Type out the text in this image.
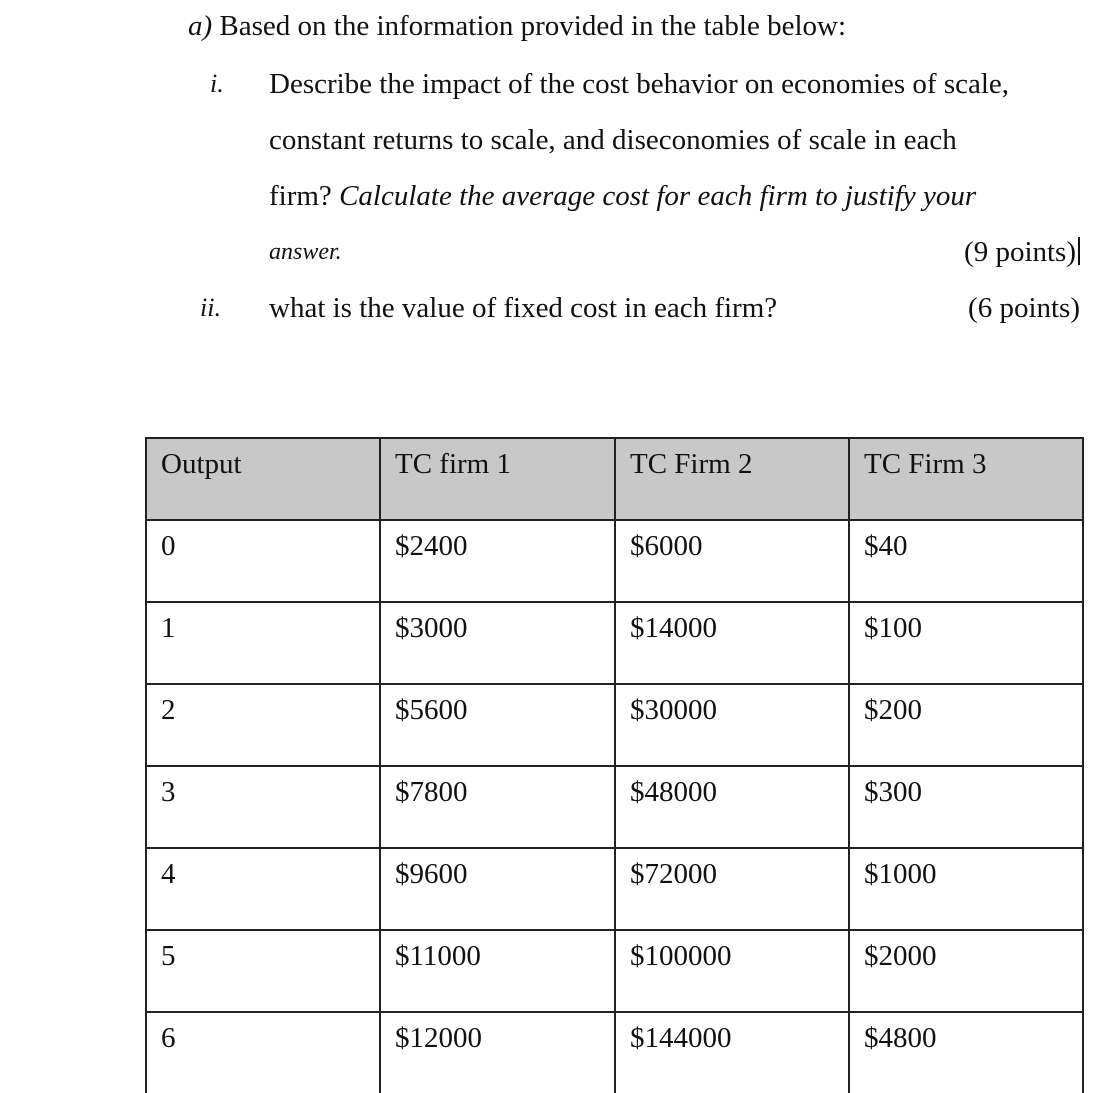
a) Based on the information provided in the table below:
i. Describe the impact of the cost behavior on economies of scale,
constant returns to scale, and diseconomies of scale in each
firm? Calculate the average cost for each firm to justify your
answer.	(9 points)
ii. what is the value of fixed cost in each firm?	(6 points)
Output	TC firm 1	TC Firm 2	TC Firm 3
0	$2400	$6000	$40
1	$3000	$14000	$100
2	$5600	$30000	$200
3	$7800	$48000	$300
4	$9600	$72000	$1000
5	$11000	$100000	$2000
6	$12000	$144000	$4800
